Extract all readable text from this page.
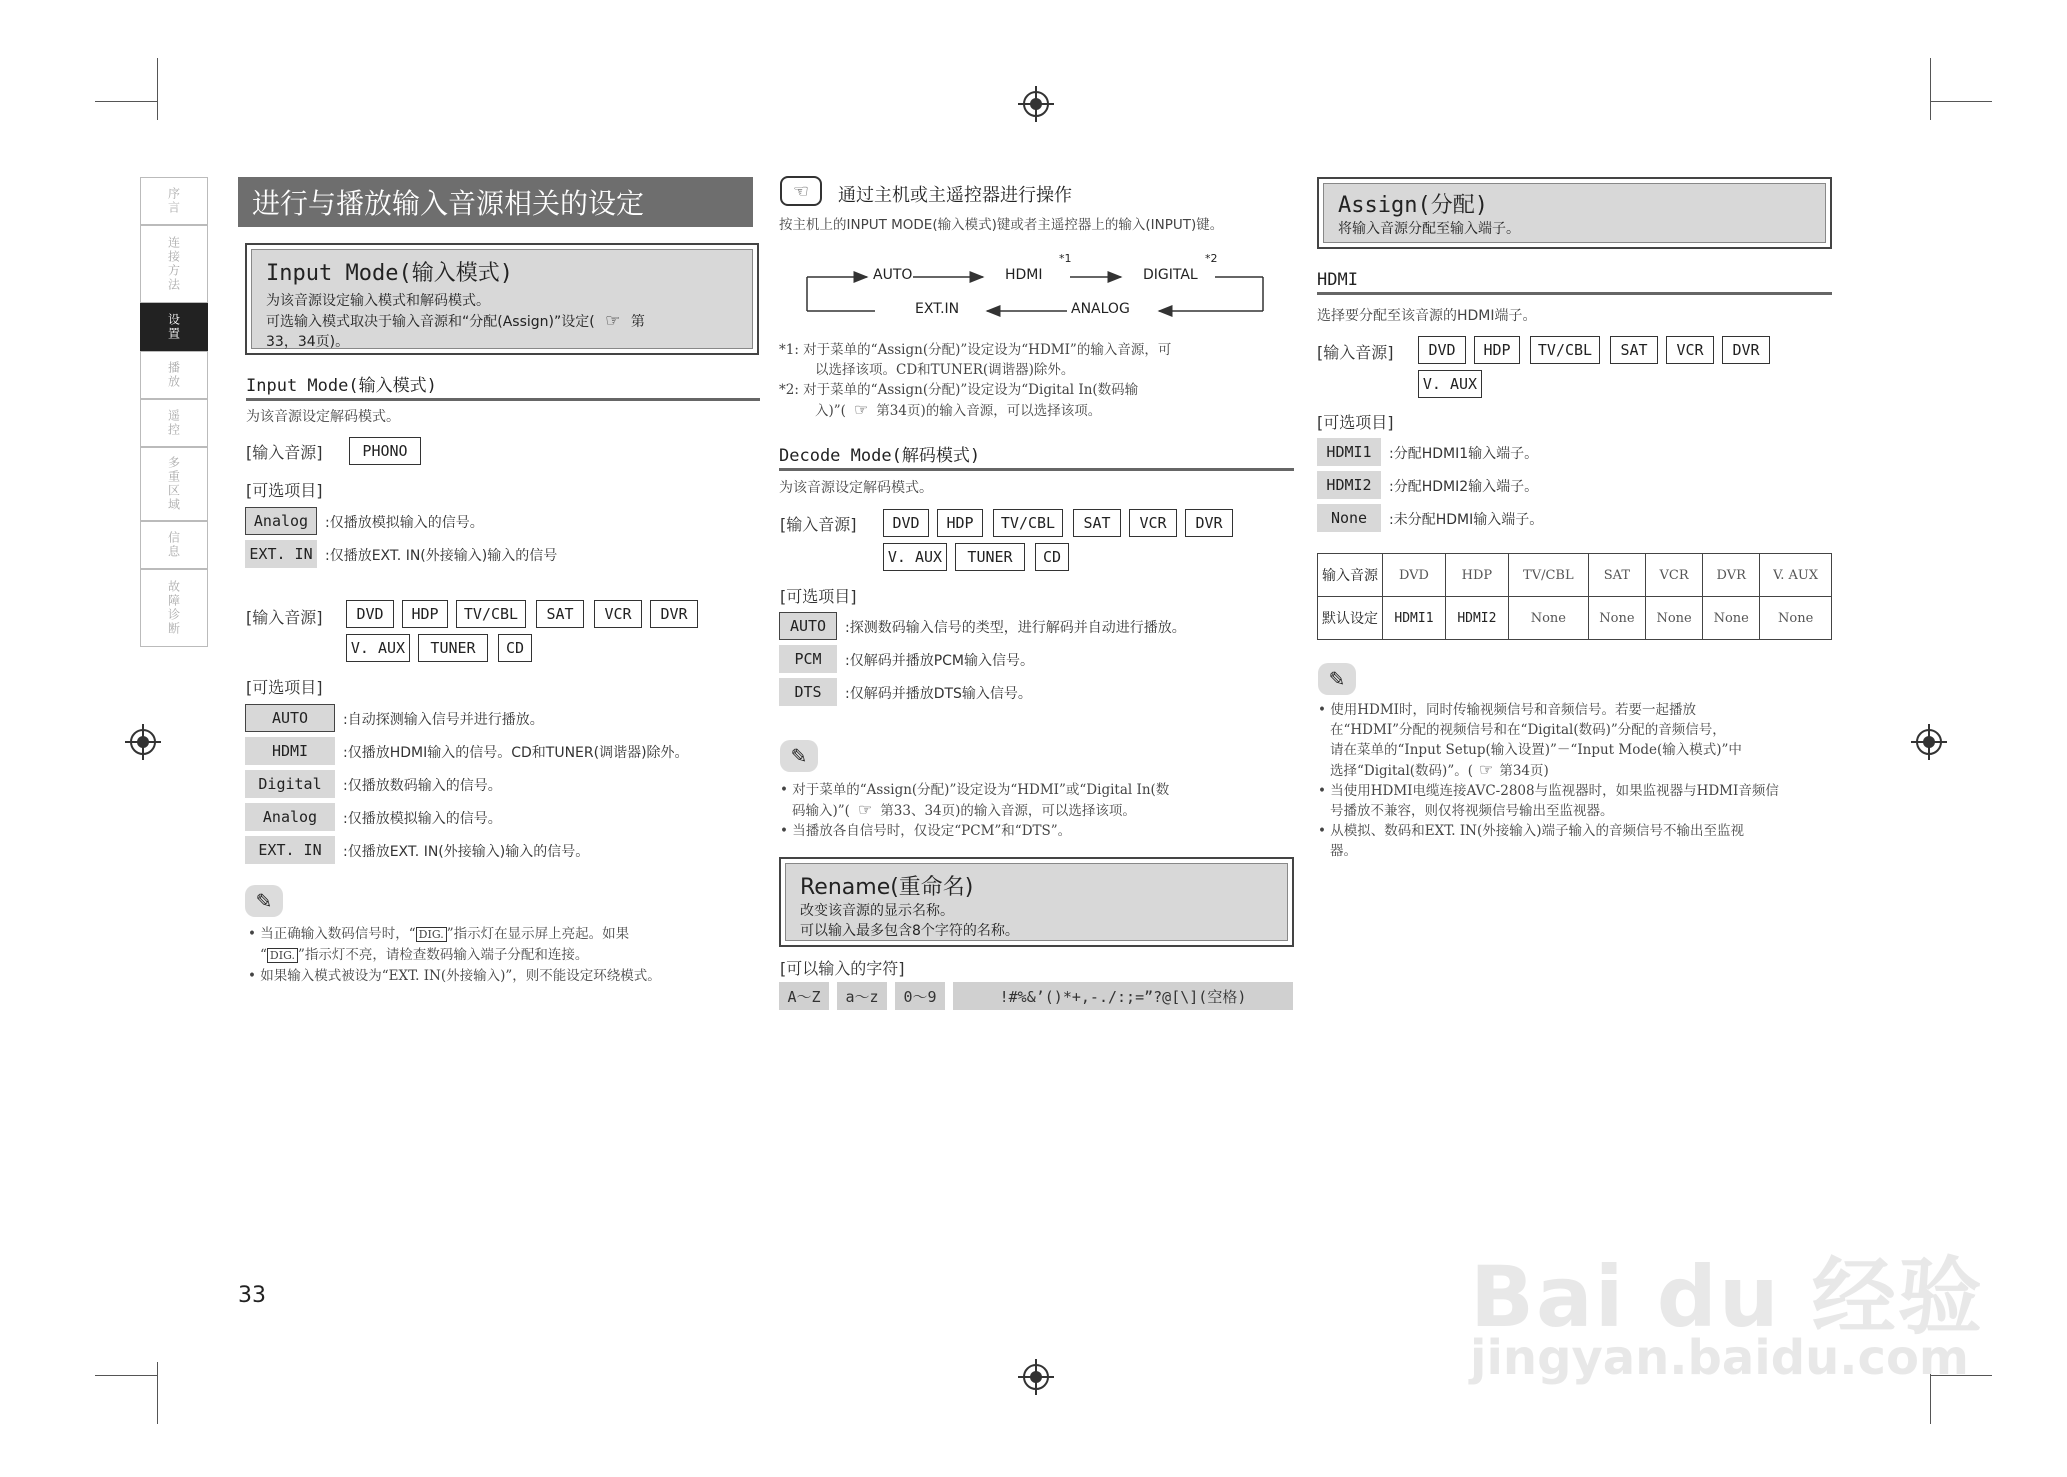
序言
连接方法
设置
播放
遥控
多重区域
信息
故障诊断
33
进行与播放输入音源相关的设定
Input Mode(输入模式)
为该音源设定输入模式和解码模式。
可选输入模式取决于输入音源和“分配(Assign)”设定( ☞ 第
33，34页)。
Input Mode(输入模式)
为该音源设定解码模式。
[输入音源]	PHONO
[可选项目]
Analog	:仅播放模拟输入的信号。
EXT. IN :仅播放EXT. IN(外接输入)输入的信号
[输入音源]	DVD	HDP	TV/CBL	SAT	VCR	DVR
V. AUX	TUNER	CD
[可选项目]
AUTO	:自动探测输入信号并进行播放。
HDMI	:仅播放HDMI输入的信号。CD和TUNER(调谐器)除外。
Digital	:仅播放数码输入的信号。
Analog	:仅播放模拟输入的信号。
EXT. IN	:仅播放EXT. IN(外接输入)输入的信号。
✎
• 当正确输入数码信号时，“ DIG. ”指示灯在显示屏上亮起。如果
“ DIG. ”指示灯不亮，请检查数码输入端子分配和连接。
• 如果输入模式被设为“EXT. IN(外接输入)”，则不能设定环绕模式。
☜	通过主机或主遥控器进行操作
按主机上的INPUT MODE(输入模式)键或者主遥控器上的输入(INPUT)键。
AUTO	HDMI
*1
DIGITAL
*2
EXT.IN	ANALOG
*1: 对于菜单的“Assign(分配)”设定设为“HDMI”的输入音源，可
以选择该项。CD和TUNER(调谐器)除外。
*2: 对于菜单的“Assign(分配)”设定设为“Digital In(数码输
入)”( ☞ 第34页)的输入音源，可以选择该项。
Decode Mode(解码模式)
为该音源设定解码模式。
[输入音源]	DVD	HDP	TV/CBL	SAT	VCR	DVR
V. AUX	TUNER	CD
[可选项目]
AUTO	:探测数码输入信号的类型，进行解码并自动进行播放。
PCM	:仅解码并播放PCM输入信号。
DTS	:仅解码并播放DTS输入信号。
✎
• 对于菜单的“Assign(分配)”设定设为“HDMI”或“Digital In(数
码输入)”( ☞ 第33、34页)的输入音源，可以选择该项。
• 当播放各自信号时，仅设定“PCM”和“DTS”。
Rename(重命名)
改变该音源的显示名称。
可以输入最多包含8个字符的名称。
[可以输入的字符]
A～Z	a～z	0～9	!#%&’()*+,-./:;=”?@[\](空格)
Assign(分配)
将输入音源分配至输入端子。
HDMI
选择要分配至该音源的HDMI端子。
[输入音源]	DVD	HDP	TV/CBL	SAT	VCR	DVR
V. AUX
[可选项目]
HDMI1	:分配HDMI1输入端子。
HDMI2	:分配HDMI2输入端子。
None	:未分配HDMI输入端子。
输入音源	DVD	HDP	TV/CBL	SAT	VCR	DVR	V. AUX
默认设定	HDMI1	HDMI2	None	None	None	None	None
✎
• 使用HDMI时，同时传输视频信号和音频信号。若要一起播放
在“HDMI”分配的视频信号和在“Digital(数码)”分配的音频信号，
请在菜单的“Input Setup(输入设置)”－“Input Mode(输入模式)”中
选择“Digital(数码)”。( ☞ 第34页)
• 当使用HDMI电缆连接AVC-2808与监视器时，如果监视器与HDMI音频信
号播放不兼容，则仅将视频信号输出至监视器。
• 从模拟、数码和EXT. IN(外接输入)端子输入的音频信号不输出至监视
器。
Bai du 经验
jingyan.baidu.com
